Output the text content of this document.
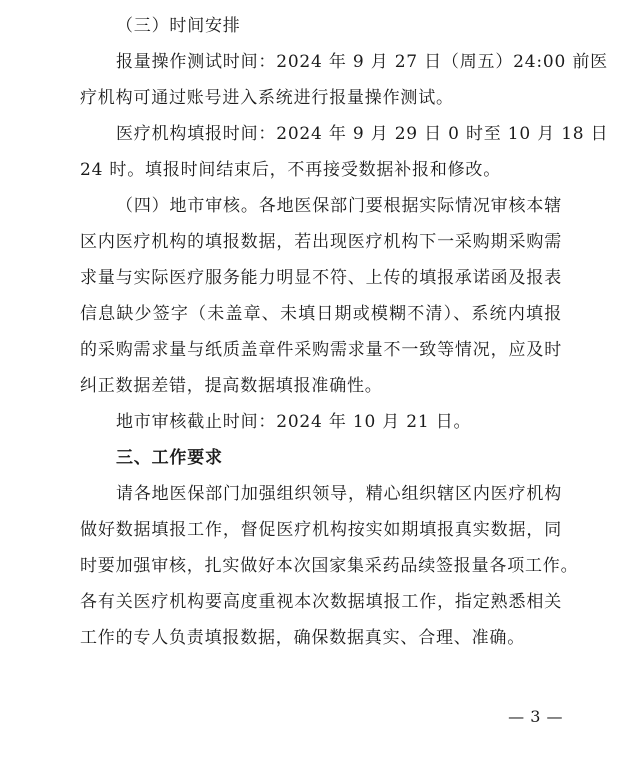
（三）时间安排
报量操作测试时间：2024 年 9 月 27 日（周五）24:00 前医
疗机构可通过账号进入系统进行报量操作测试。
医疗机构填报时间：2024 年 9 月 29 日 0 时至 10 月 18 日
24 时。填报时间结束后，不再接受数据补报和修改。
（四）地市审核。各地医保部门要根据实际情况审核本辖
区内医疗机构的填报数据，若出现医疗机构下一采购期采购需
求量与实际医疗服务能力明显不符、上传的填报承诺函及报表
信息缺少签字（未盖章、未填日期或模糊不清）、系统内填报
的采购需求量与纸质盖章件采购需求量不一致等情况，应及时
纠正数据差错，提高数据填报准确性。
地市审核截止时间：2024 年 10 月 21 日。
三、工作要求
请各地医保部门加强组织领导，精心组织辖区内医疗机构
做好数据填报工作，督促医疗机构按实如期填报真实数据，同
时要加强审核，扎实做好本次国家集采药品续签报量各项工作。
各有关医疗机构要高度重视本次数据填报工作，指定熟悉相关
工作的专人负责填报数据，确保数据真实、合理、准确。
— 3 —
